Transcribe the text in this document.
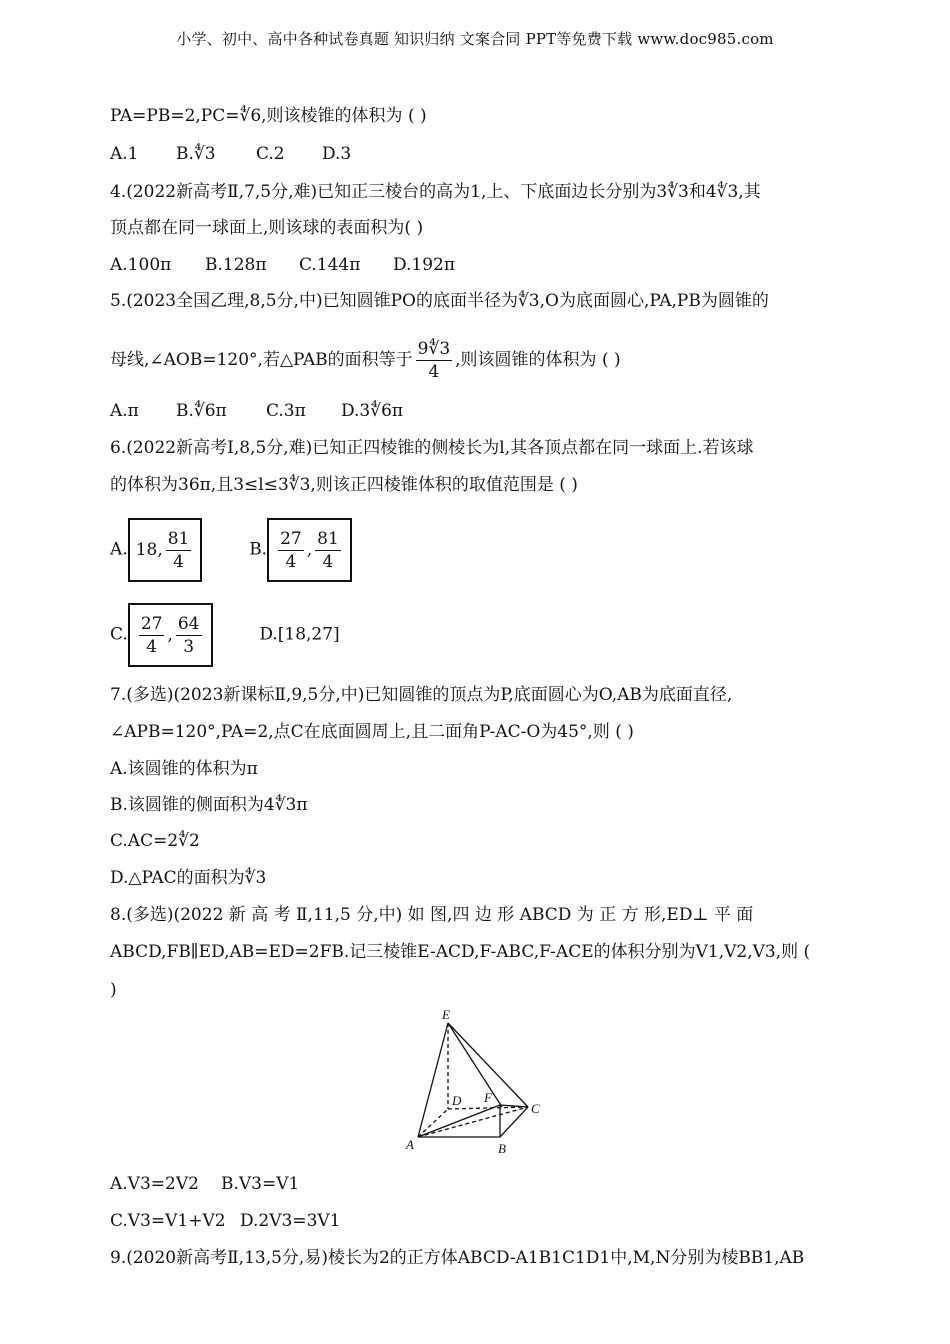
小学、初中、高中各种试卷真题 知识归纳 文案合同 PPT等免费下载 www.doc985.com
PA=PB=2,PC=∜6,则该棱锥的体积为 ( )
A.1 B.∜3 C.2 D.3
4.(2022新高考Ⅱ,7,5分,难)已知正三棱台的高为1,上、下底面边长分别为3∜3和4∜3,其
顶点都在同一球面上,则该球的表面积为( )
A.100π B.128π C.144π D.192π
5.(2023全国乙理,8,5分,中)已知圆锥PO的底面半径为∜3,O为底面圆心,PA,PB为圆锥的
母线,∠AOB=120°,若△PAB的面积等于 $\frac{9∜3}{4}$ ,则该圆锥的体积为 ( )
A.π B.∜6π C.3π D.3∜6π
6.(2022新高考Ⅰ,8,5分,难)已知正四棱锥的侧棱长为l,其各顶点都在同一球面上.若该球
的体积为36π,且3≤l≤3∜3,则该正四棱锥体积的取值范围是 ( )
A. 18, $\frac{81}{4}$	B. $\frac{27}{4}$ , $\frac{81}{4}$
C. $\frac{27}{4}$ , $\frac{64}{3}$	D.[18,27]
7.(多选)(2023新课标Ⅱ,9,5分,中)已知圆锥的顶点为P,底面圆心为O,AB为底面直径,
∠APB=120°,PA=2,点C在底面圆周上,且二面角P-AC-O为45°,则 ( )
A.该圆锥的体积为π
B.该圆锥的侧面积为4∜3π
C.AC=2∜2
D.△PAC的面积为∜3
8.(多选)(2022 新 高 考 Ⅱ,11,5 分,中) 如 图,四 边 形 ABCD 为 正 方 形,ED⊥ 平 面
ABCD,FB∥ED,AB=ED=2FB.记三棱锥E-ACD,F-ABC,F-ACE的体积分别为V1,V2,V3,则 (
)
E
D F
C
A	B
A.V3=2V2 B.V3=V1
C.V3=V1+V2 D.2V3=3V1
9.(2020新高考Ⅱ,13,5分,易)棱长为2的正方体ABCD-A1B1C1D1中,M,N分别为棱BB1,AB
